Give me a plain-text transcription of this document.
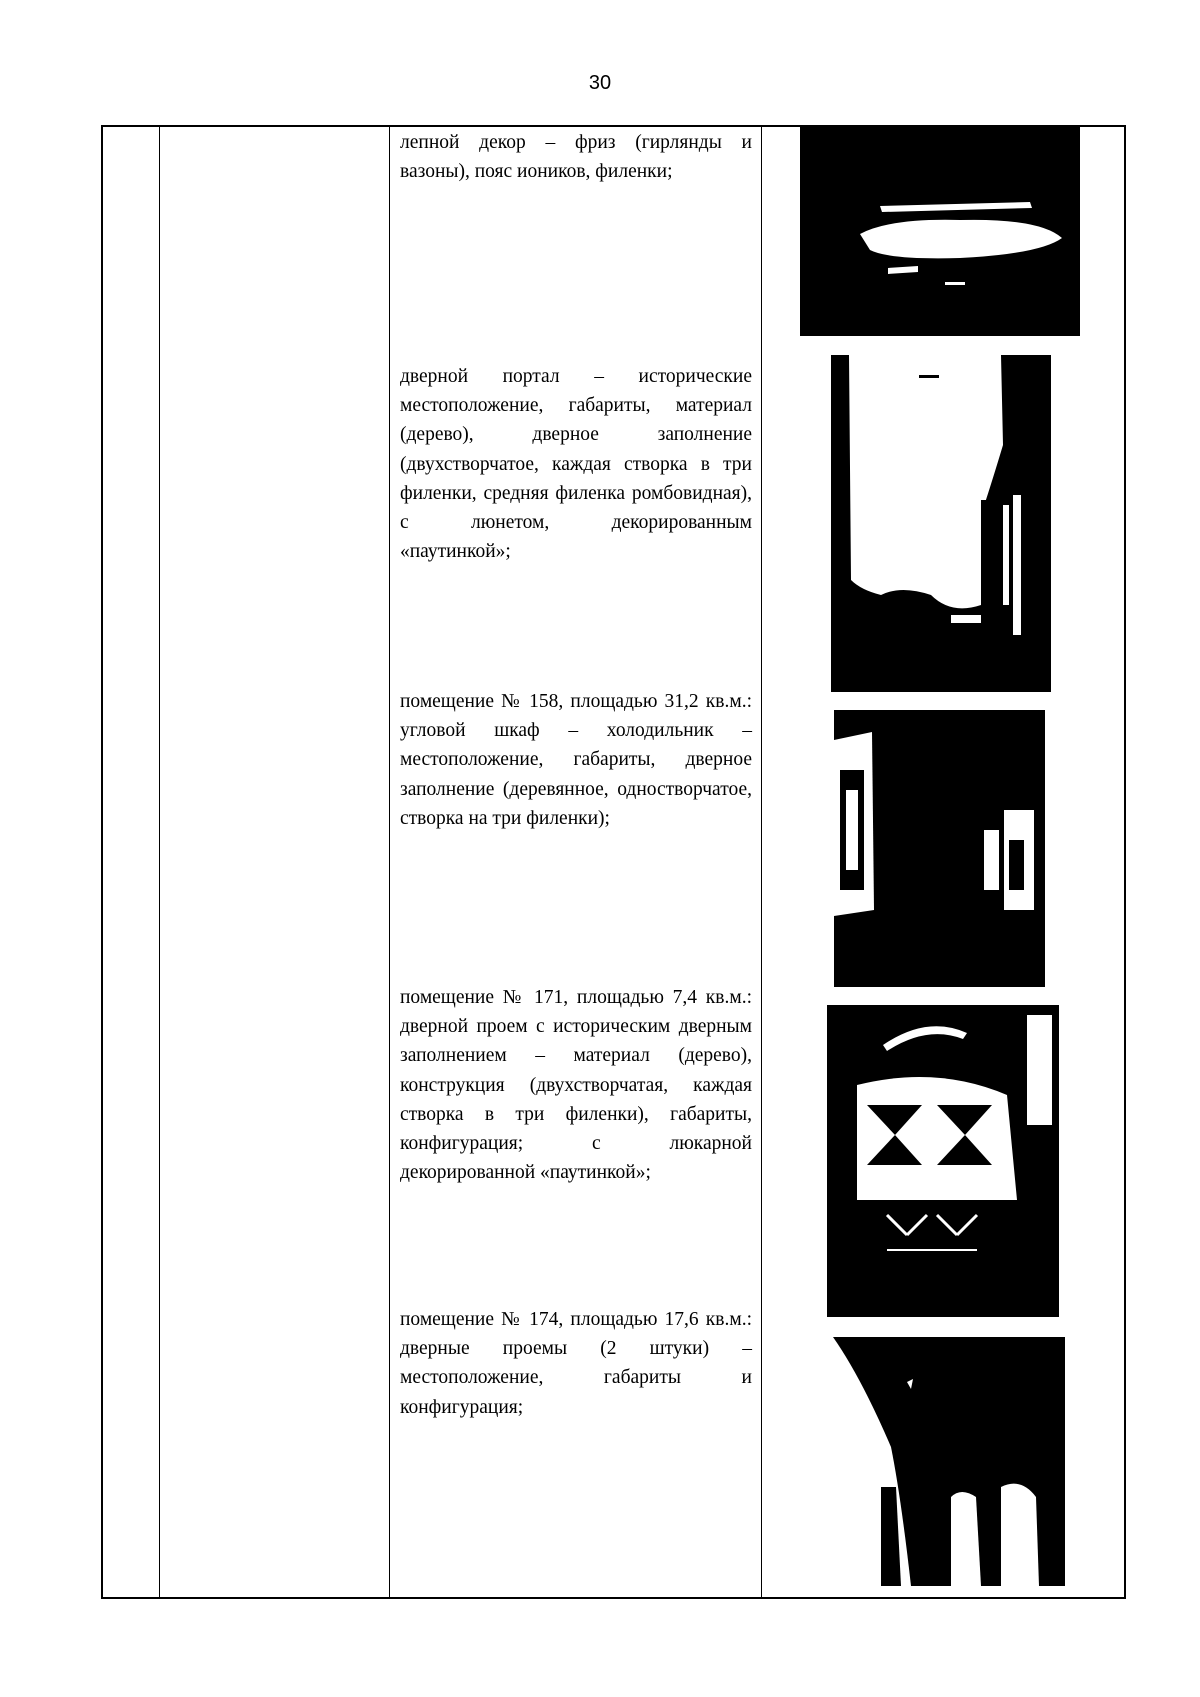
30
лепной декор – фриз (гирлянды и вазоны), пояс иоников, филенки;
дверной портал – исторические местоположение, габариты, материал (дерево), дверное заполнение (двухстворчатое, каждая створка в три филенки, средняя филенка ромбовидная), с люнетом, декорированным «паутинкой»;
помещение № 158, площадью 31,2 кв.м.: угловой шкаф – холодильник – местоположение, габариты, дверное заполнение (деревянное, одностворчатое, створка на три филенки);
помещение № 171, площадью 7,4 кв.м.: дверной проем с историческим дверным заполнением – материал (дерево), конструкция (двухстворчатая, каждая створка в три филенки), габариты, конфигурация; с люкарной декорированной «паутинкой»;
помещение № 174, площадью 17,6 кв.м.: дверные проемы (2 штуки) – местоположение, габариты и конфигурация;
